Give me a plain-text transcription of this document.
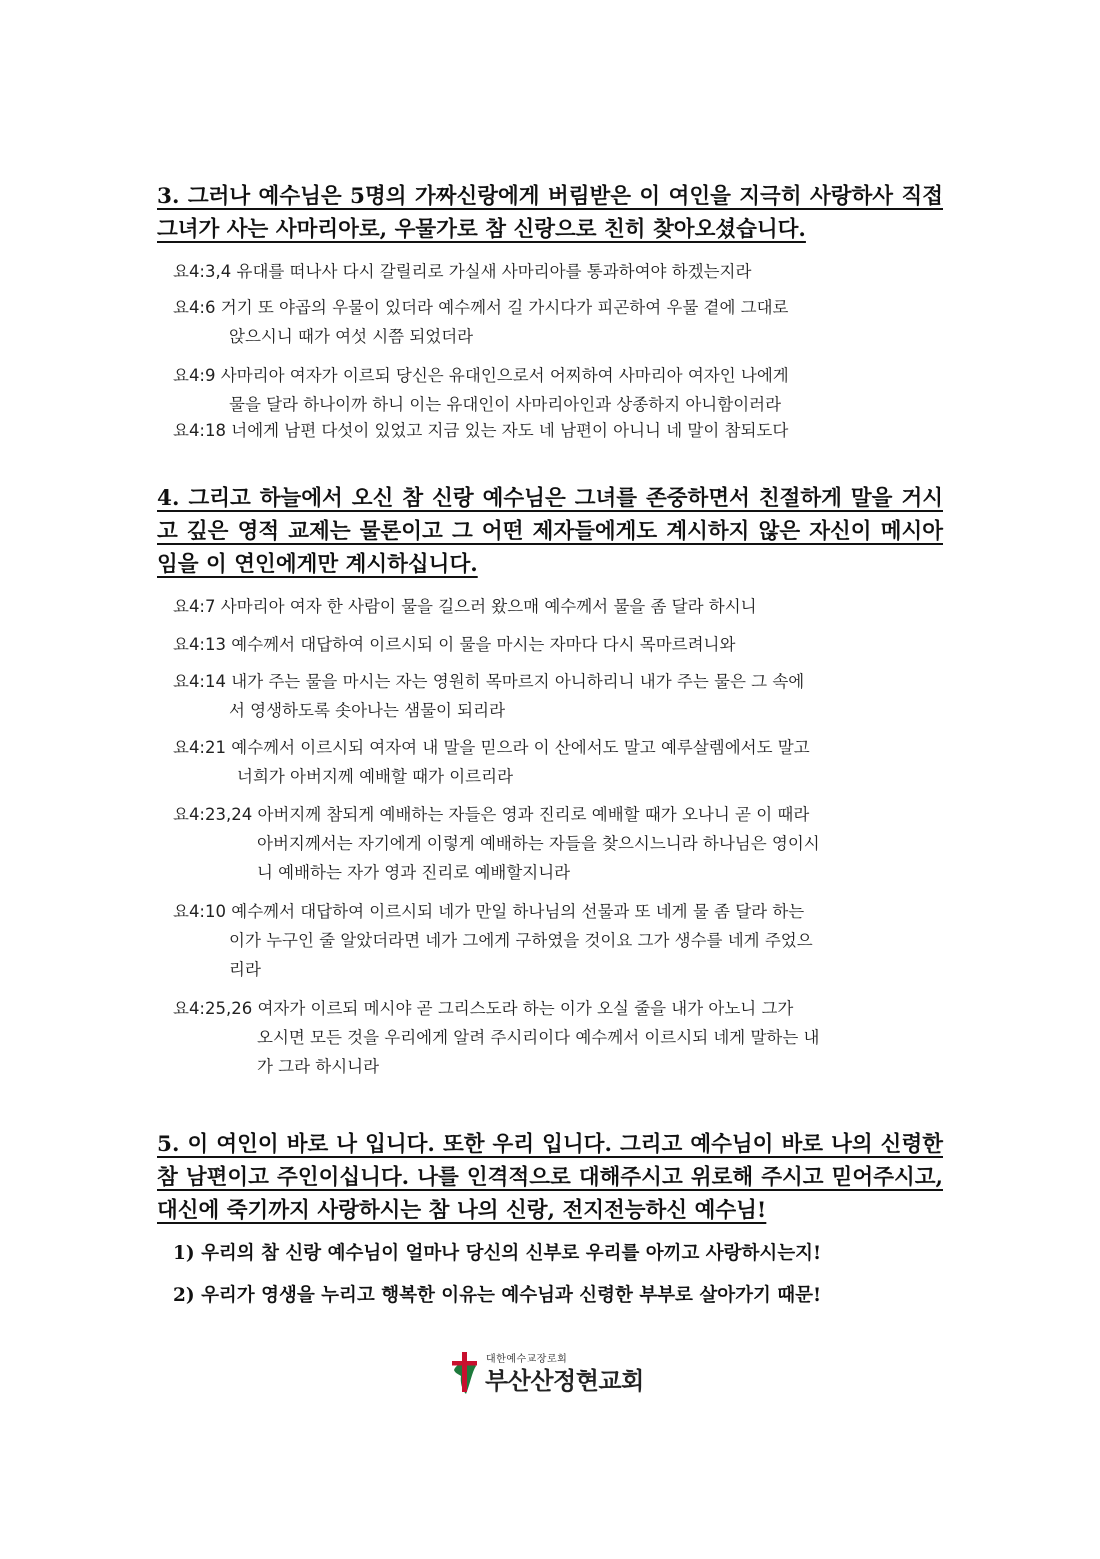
3. 그러나 예수님은 5명의 가짜신랑에게 버림받은 이 여인을 지극히 사랑하사 직접 그녀가 사는 사마리아로, 우물가로 참 신랑으로 친히 찾아오셨습니다.
요4:3,4 유대를 떠나사 다시 갈릴리로 가실새 사마리아를 통과하여야 하겠는지라
요4:6 거기 또 야곱의 우물이 있더라 예수께서 길 가시다가 피곤하여 우물 곁에 그대로
앉으시니 때가 여섯 시쯤 되었더라
요4:9 사마리아 여자가 이르되 당신은 유대인으로서 어찌하여 사마리아 여자인 나에게
물을 달라 하나이까 하니 이는 유대인이 사마리아인과 상종하지 아니함이러라
요4:18 너에게 남편 다섯이 있었고 지금 있는 자도 네 남편이 아니니 네 말이 참되도다
4. 그리고 하늘에서 오신 참 신랑 예수님은 그녀를 존중하면서 친절하게 말을 거시고 깊은 영적 교제는 물론이고 그 어떤 제자들에게도 계시하지 않은 자신이 메시아임을 이 연인에게만 계시하십니다.
요4:7 사마리아 여자 한 사람이 물을 길으러 왔으매 예수께서 물을 좀 달라 하시니
요4:13 예수께서 대답하여 이르시되 이 물을 마시는 자마다 다시 목마르려니와
요4:14 내가 주는 물을 마시는 자는 영원히 목마르지 아니하리니 내가 주는 물은 그 속에
서 영생하도록 솟아나는 샘물이 되리라
요4:21 예수께서 이르시되 여자여 내 말을 믿으라 이 산에서도 말고 예루살렘에서도 말고
너희가 아버지께 예배할 때가 이르리라
요4:23,24 아버지께 참되게 예배하는 자들은 영과 진리로 예배할 때가 오나니 곧 이 때라
아버지께서는 자기에게 이렇게 예배하는 자들을 찾으시느니라 하나님은 영이시
니 예배하는 자가 영과 진리로 예배할지니라
요4:10 예수께서 대답하여 이르시되 네가 만일 하나님의 선물과 또 네게 물 좀 달라 하는
이가 누구인 줄 알았더라면 네가 그에게 구하였을 것이요 그가 생수를 네게 주었으
리라
요4:25,26 여자가 이르되 메시야 곧 그리스도라 하는 이가 오실 줄을 내가 아노니 그가
오시면 모든 것을 우리에게 알려 주시리이다 예수께서 이르시되 네게 말하는 내
가 그라 하시니라
5. 이 여인이 바로 나 입니다. 또한 우리 입니다. 그리고 예수님이 바로 나의 신령한 참 남편이고 주인이십니다. 나를 인격적으로 대해주시고 위로해 주시고 믿어주시고, 대신에 죽기까지 사랑하시는 참 나의 신랑, 전지전능하신 예수님!
1) 우리의 참 신랑 예수님이 얼마나 당신의 신부로 우리를 아끼고 사랑하시는지!
2) 우리가 영생을 누리고 행복한 이유는 예수님과 신령한 부부로 살아가기 때문!
대한예수교장로회
부산산정현교회
